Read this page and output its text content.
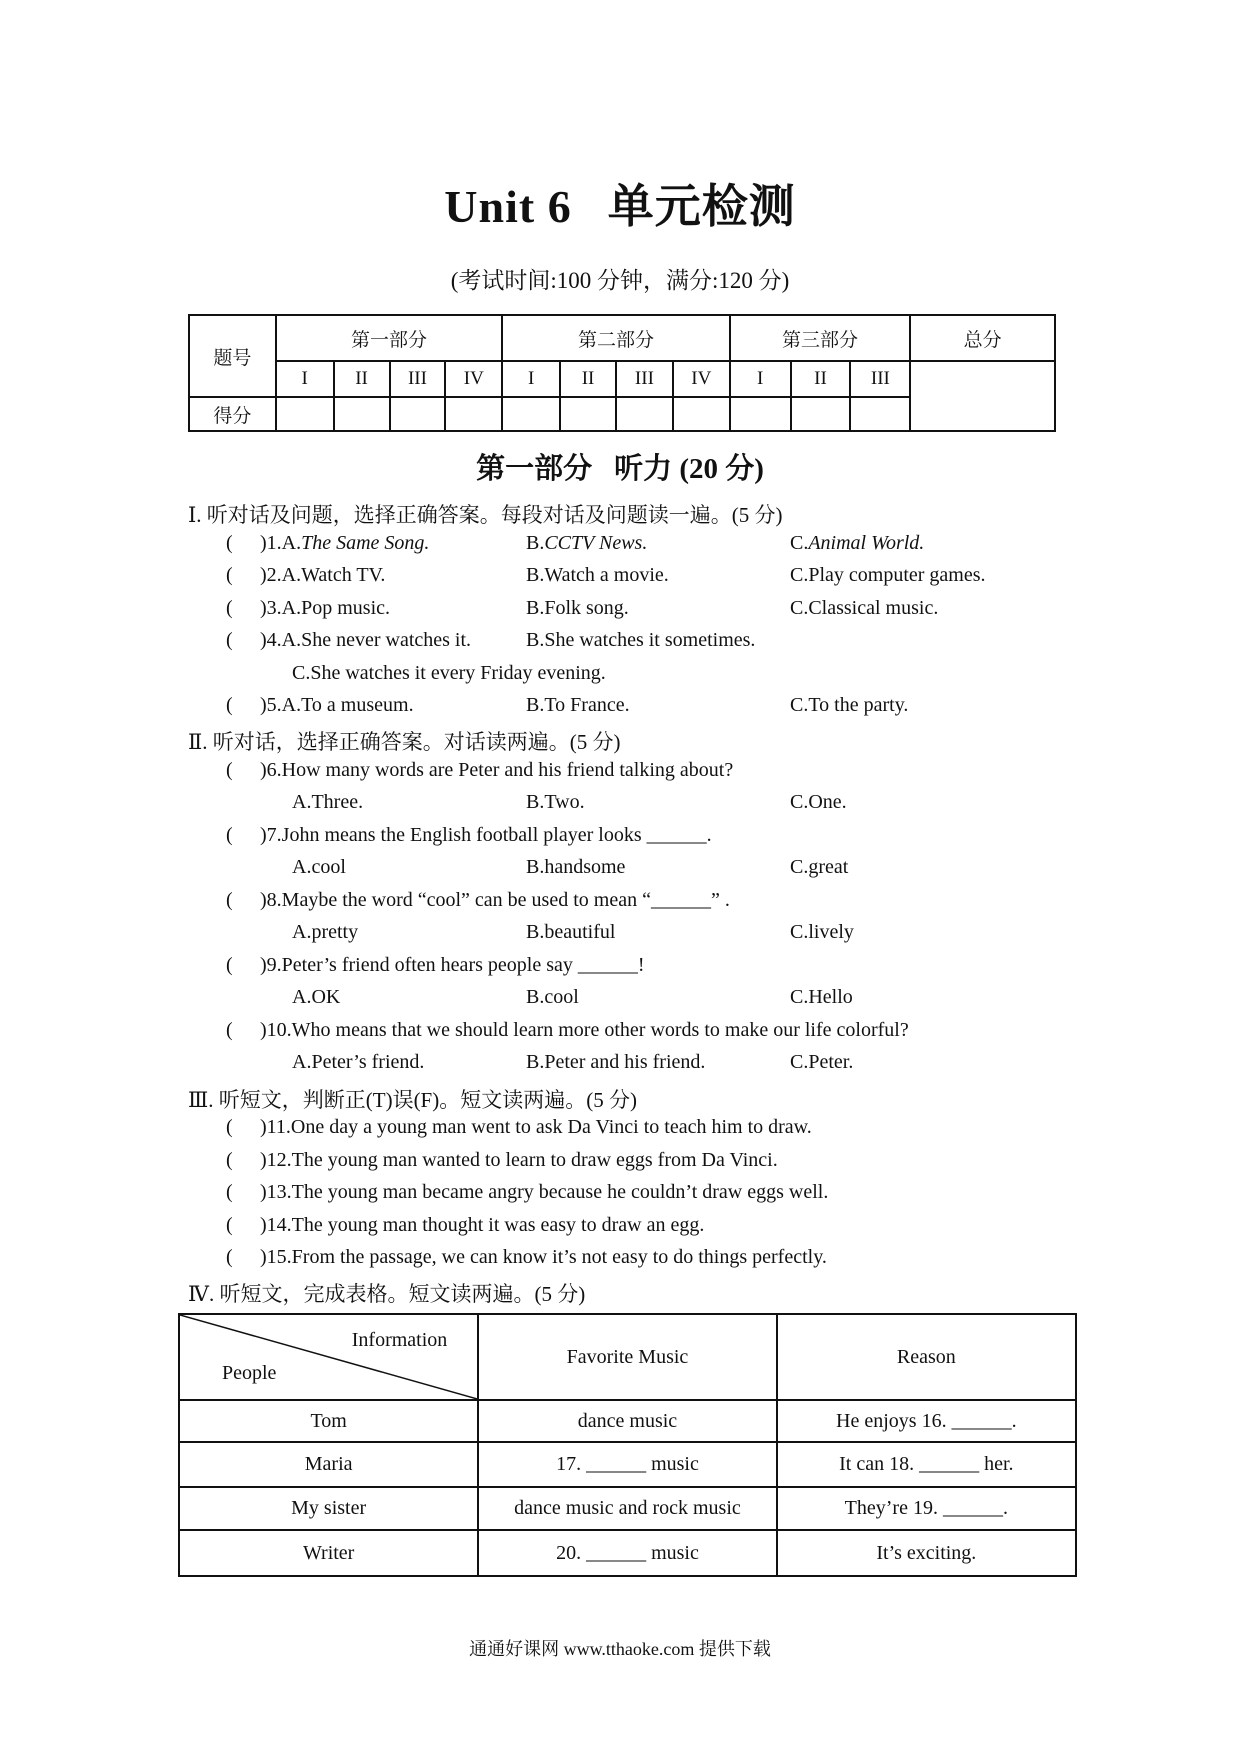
Unit 6 单元检测
(考试时间:100 分钟，满分:120 分)
题号	第一部分				第二部分				第三部分			总分
	I	II	III	IV	I	II	III	IV	I	II	III	
得分												
第一部分 听力 (20 分)
Ⅰ. 听对话及问题，选择正确答案。每段对话及问题读一遍。(5 分)
( )1.A.The Same Song.	B.CCTV News.	C.Animal World.
( )2.A.Watch TV.	B.Watch a movie.	C.Play computer games.
( )3.A.Pop music.	B.Folk song.	C.Classical music.
( )4.A.She never watches it.	B.She watches it sometimes.
C.She watches it every Friday evening.
( )5.A.To a museum.	B.To France.	C.To the party.
Ⅱ. 听对话，选择正确答案。对话读两遍。(5 分)
( )6.How many words are Peter and his friend talking about?
A.Three.	B.Two.	C.One.
( )7.John means the English football player looks ______.
A.cool	B.handsome	C.great
( )8.Maybe the word “cool” can be used to mean “______” .
A.pretty	B.beautiful	C.lively
( )9.Peter’s friend often hears people say ______!
A.OK	B.cool	C.Hello
( )10.Who means that we should learn more other words to make our life colorful?
A.Peter’s friend.	B.Peter and his friend.	C.Peter.
Ⅲ. 听短文，判断正(T)误(F)。短文读两遍。(5 分)
( )11.One day a young man went to ask Da Vinci to teach him to draw.
( )12.The young man wanted to learn to draw eggs from Da Vinci.
( )13.The young man became angry because he couldn’t draw eggs well.
( )14.The young man thought it was easy to draw an egg.
( )15.From the passage, we can know it’s not easy to do things perfectly.
Ⅳ. 听短文，完成表格。短文读两遍。(5 分)
Information
People	Favorite Music	Reason
Tom	dance music	He enjoys 16. ______.
Maria	17. ______ music	It can 18. ______ her.
My sister	dance music and rock music	They’re 19. ______.
Writer	20. ______ music	It’s exciting.
通通好课网 www.tthaoke.com 提供下载
